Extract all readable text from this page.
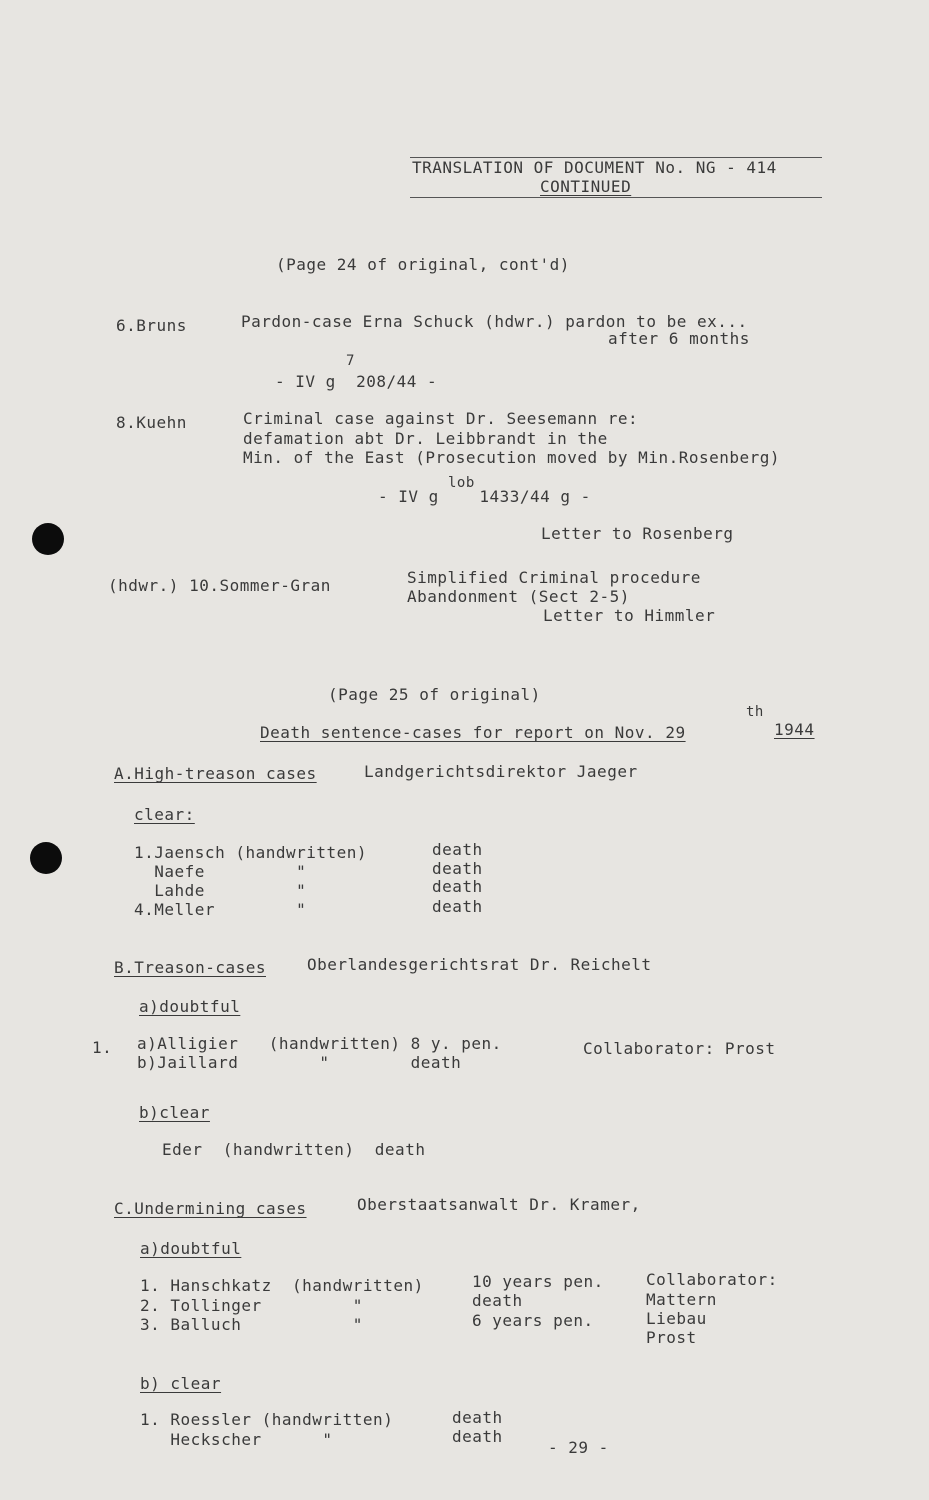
TRANSLATION OF DOCUMENT No. NG - 414
CONTINUED
(Page 24 of original, cont'd)
6.Bruns	Pardon-case Erna Schuck (hdwr.) pardon to be ex...
after 6 months
7
- IV g  208/44 -
8.Kuehn	Criminal case against Dr. Seesemann re:
defamation abt Dr. Leibbrandt in the
Min. of the East (Prosecution moved by Min.Rosenberg)
lob
- IV g    1433/44 g -
Letter to Rosenberg
(hdwr.) 10.Sommer-Gran	Simplified Criminal procedure
Abandonment (Sect 2-5)
Letter to Himmler
(Page 25 of original)
th
Death sentence-cases for report on Nov. 29	1944
A.High-treason cases	Landgerichtsdirektor Jaeger
clear:
1.Jaensch (handwritten)	death
Naefe         "	death
Lahde         "	death
4.Meller        "	death
B.Treason-cases	Oberlandesgerichtsrat Dr. Reichelt
a)doubtful
1. a)Alligier   (handwritten) 8 y. pen.
b)Jaillard        "        death
Collaborator: Prost
b)clear
Eder  (handwritten)  death
C.Undermining cases	Oberstaatsanwalt Dr. Kramer,
a)doubtful
1. Hanschkatz  (handwritten)	10 years pen.	Collaborator:
2. Tollinger         "	death	Mattern
3. Balluch           "	6 years pen.	Liebau
Prost
b) clear
1. Roessler (handwritten)	death
Heckscher      "	death
- 29 -
